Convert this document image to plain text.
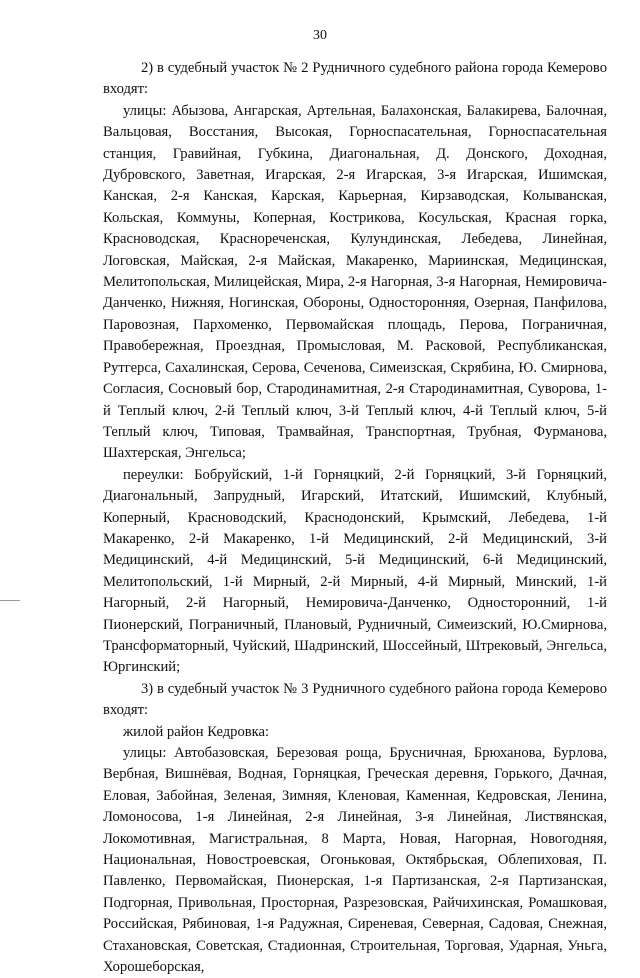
30

2) в судебный участок № 2 Рудничного судебного района города Кемерово входят:

улицы: Абызова, Ангарская, Артельная, Балахонская, Балакирева, Балочная, Вальцовая, Восстания, Высокая, Горноспасательная, Горноспасательная станция, Гравийная, Губкина, Диагональная, Д. Донского, Доходная, Дубровского, Заветная, Игарская, 2-я Игарская, 3-я Игарская, Ишимская, Канская, 2-я Канская, Карская, Карьерная, Кирзаводская, Колыванская, Кольская, Коммуны, Коперная, Кострикова, Косульская, Красная горка, Красноводская, Краснореченская, Кулундинская, Лебедева, Линейная, Логовская, Майская, 2-я Майская, Макаренко, Мариинская, Медицинская, Мелитопольская, Милицейская, Мира, 2-я Нагорная, 3-я Нагорная, Немировича-Данченко, Нижняя, Ногинская, Обороны, Односторонняя, Озерная, Панфилова, Паровозная, Пархоменко, Первомайская площадь, Перова, Пограничная, Правобережная, Проездная, Промысловая, М. Расковой, Республиканская, Рутгерса, Сахалинская, Серова, Сеченова, Симеизская, Скрябина, Ю. Смирнова, Согласия, Сосновый бор, Стародинамитная, 2-я Стародинамитная, Суворова, 1-й Теплый ключ, 2-й Теплый ключ, 3-й Теплый ключ, 4-й Теплый ключ, 5-й Теплый ключ, Типовая, Трамвайная, Транспортная, Трубная, Фурманова, Шахтерская, Энгельса;

переулки: Бобруйский, 1-й Горняцкий, 2-й Горняцкий, 3-й Горняцкий, Диагональный, Запрудный, Игарский, Итатский, Ишимский, Клубный, Коперный, Красноводский, Краснодонский, Крымский, Лебедева, 1-й Макаренко, 2-й Макаренко, 1-й Медицинский, 2-й Медицинский, 3-й Медицинский, 4-й Медицинский, 5-й Медицинский, 6-й Медицинский, Мелитопольский, 1-й Мирный, 2-й Мирный, 4-й Мирный, Минский, 1-й Нагорный, 2-й Нагорный, Немировича-Данченко, Односторонний, 1-й Пионерский, Пограничный, Плановый, Рудничный, Симеизский, Ю.Смирнова, Трансформаторный, Чуйский, Шадринский, Шоссейный, Штрековый, Энгельса, Юргинский;

3) в судебный участок № 3 Рудничного судебного района города Кемерово входят:

жилой район Кедровка:

улицы: Автобазовская, Березовая роща, Брусничная, Брюханова, Бурлова, Вербная, Вишнёвая, Водная, Горняцкая, Греческая деревня, Горького, Дачная, Еловая, Забойная, Зеленая, Зимняя, Кленовая, Каменная, Кедровская, Ленина, Ломоносова, 1-я Линейная, 2-я Линейная, 3-я Линейная, Листвянская, Локомотивная, Магистральная, 8 Марта, Новая, Нагорная, Новогодняя, Национальная, Новостроевская, Огоньковая, Октябрьская, Облепиховая, П. Павленко, Первомайская, Пионерская, 1-я Партизанская, 2-я Партизанская, Подгорная, Привольная, Просторная, Разрезовская, Райчихинская, Ромашковая, Российская, Рябиновая, 1-я Радужная, Сиреневая, Северная, Садовая, Снежная, Стахановская, Советская, Стадионная, Строительная, Торговая, Ударная, Уньга, Хорошеборская,
